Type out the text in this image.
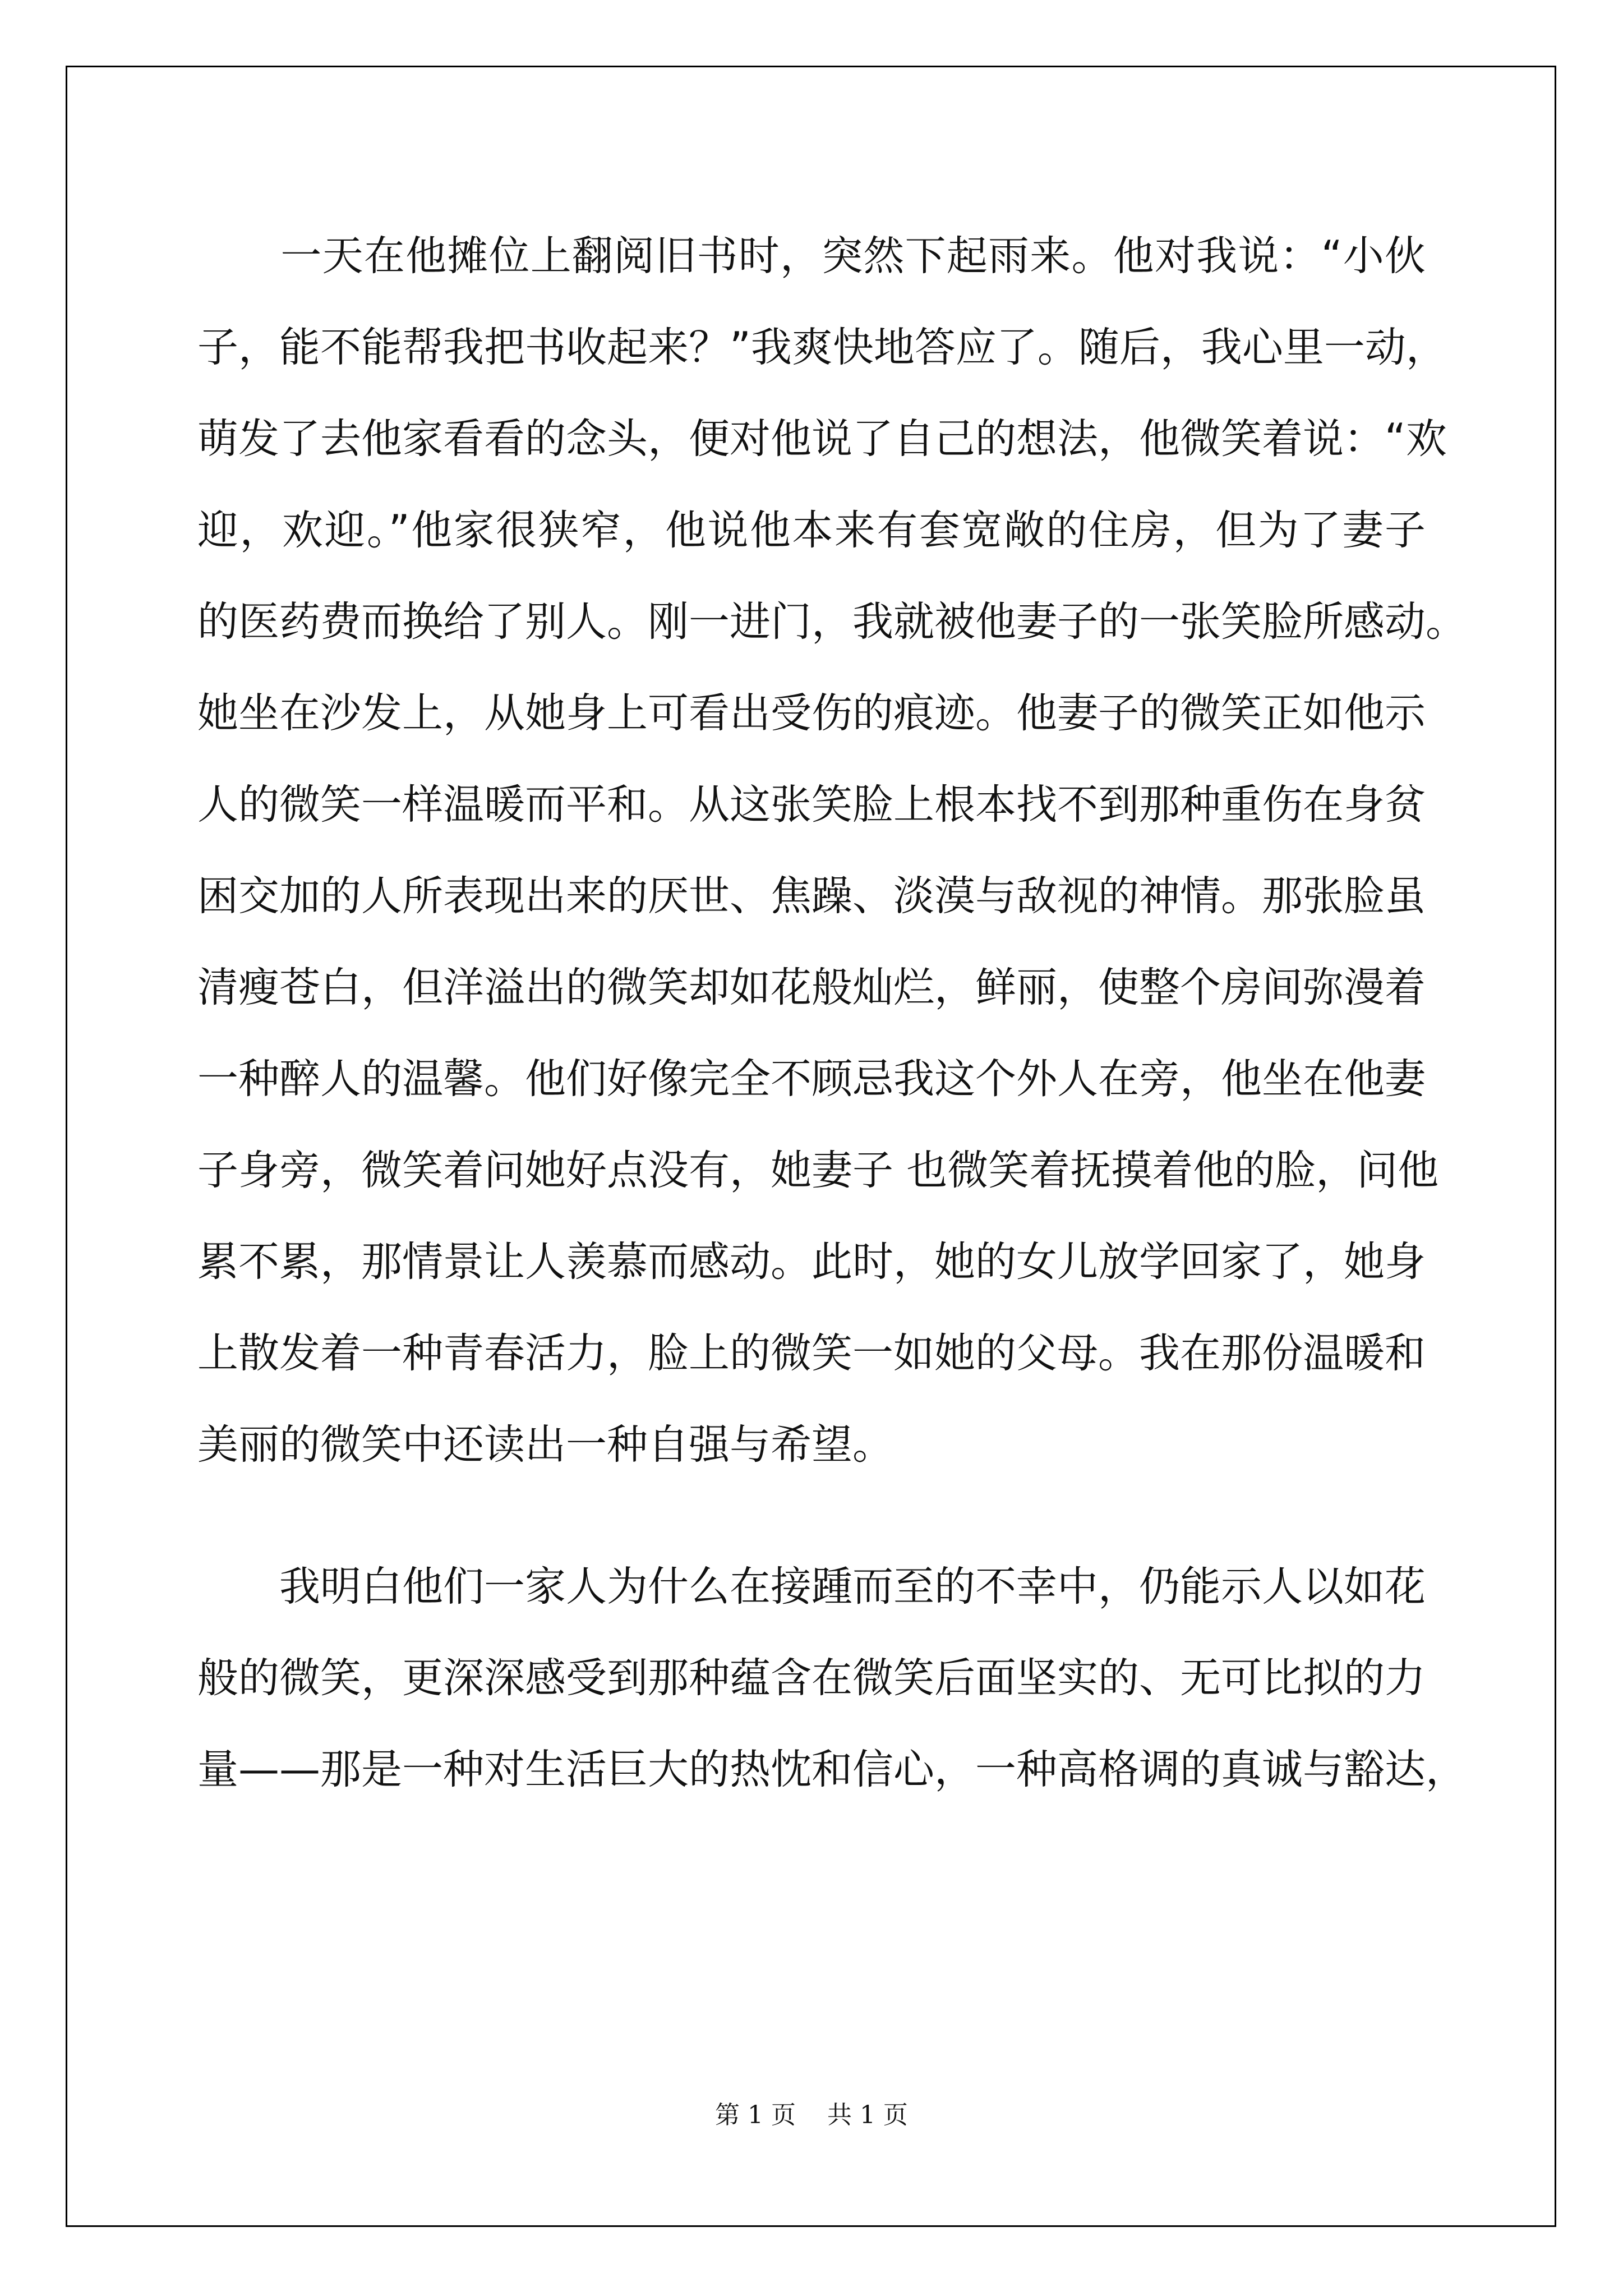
　　一天在他摊位上翻阅旧书时，突然下起雨来。他对我说：“小伙
子，能不能帮我把书收起来？”我爽快地答应了。随后，我心里一动，
萌发了去他家看看的念头，便对他说了自己的想法，他微笑着说：“欢
迎，欢迎。”他家很狭窄，他说他本来有套宽敞的住房，但为了妻子
的医药费而换给了别人。刚一进门，我就被他妻子的一张笑脸所感动。
她坐在沙发上，从她身上可看出受伤的痕迹。他妻子的微笑正如他示
人的微笑一样温暖而平和。从这张笑脸上根本找不到那种重伤在身贫
困交加的人所表现出来的厌世、焦躁、淡漠与敌视的神情。那张脸虽
清瘦苍白，但洋溢出的微笑却如花般灿烂，鲜丽，使整个房间弥漫着
一种醉人的温馨。他们好像完全不顾忌我这个外人在旁，他坐在他妻
子身旁，微笑着问她好点没有，她妻子 也微笑着抚摸着他的脸，问他
累不累，那情景让人羡慕而感动。此时，她的女儿放学回家了，她身
上散发着一种青春活力，脸上的微笑一如她的父母。我在那份温暖和
美丽的微笑中还读出一种自强与希望。
　　我明白他们一家人为什么在接踵而至的不幸中，仍能示人以如花
般的微笑，更深深感受到那种蕴含在微笑后面坚实的、无可比拟的力
量——那是一种对生活巨大的热忱和信心，一种高格调的真诚与豁达，
第 1 页    共 1 页
